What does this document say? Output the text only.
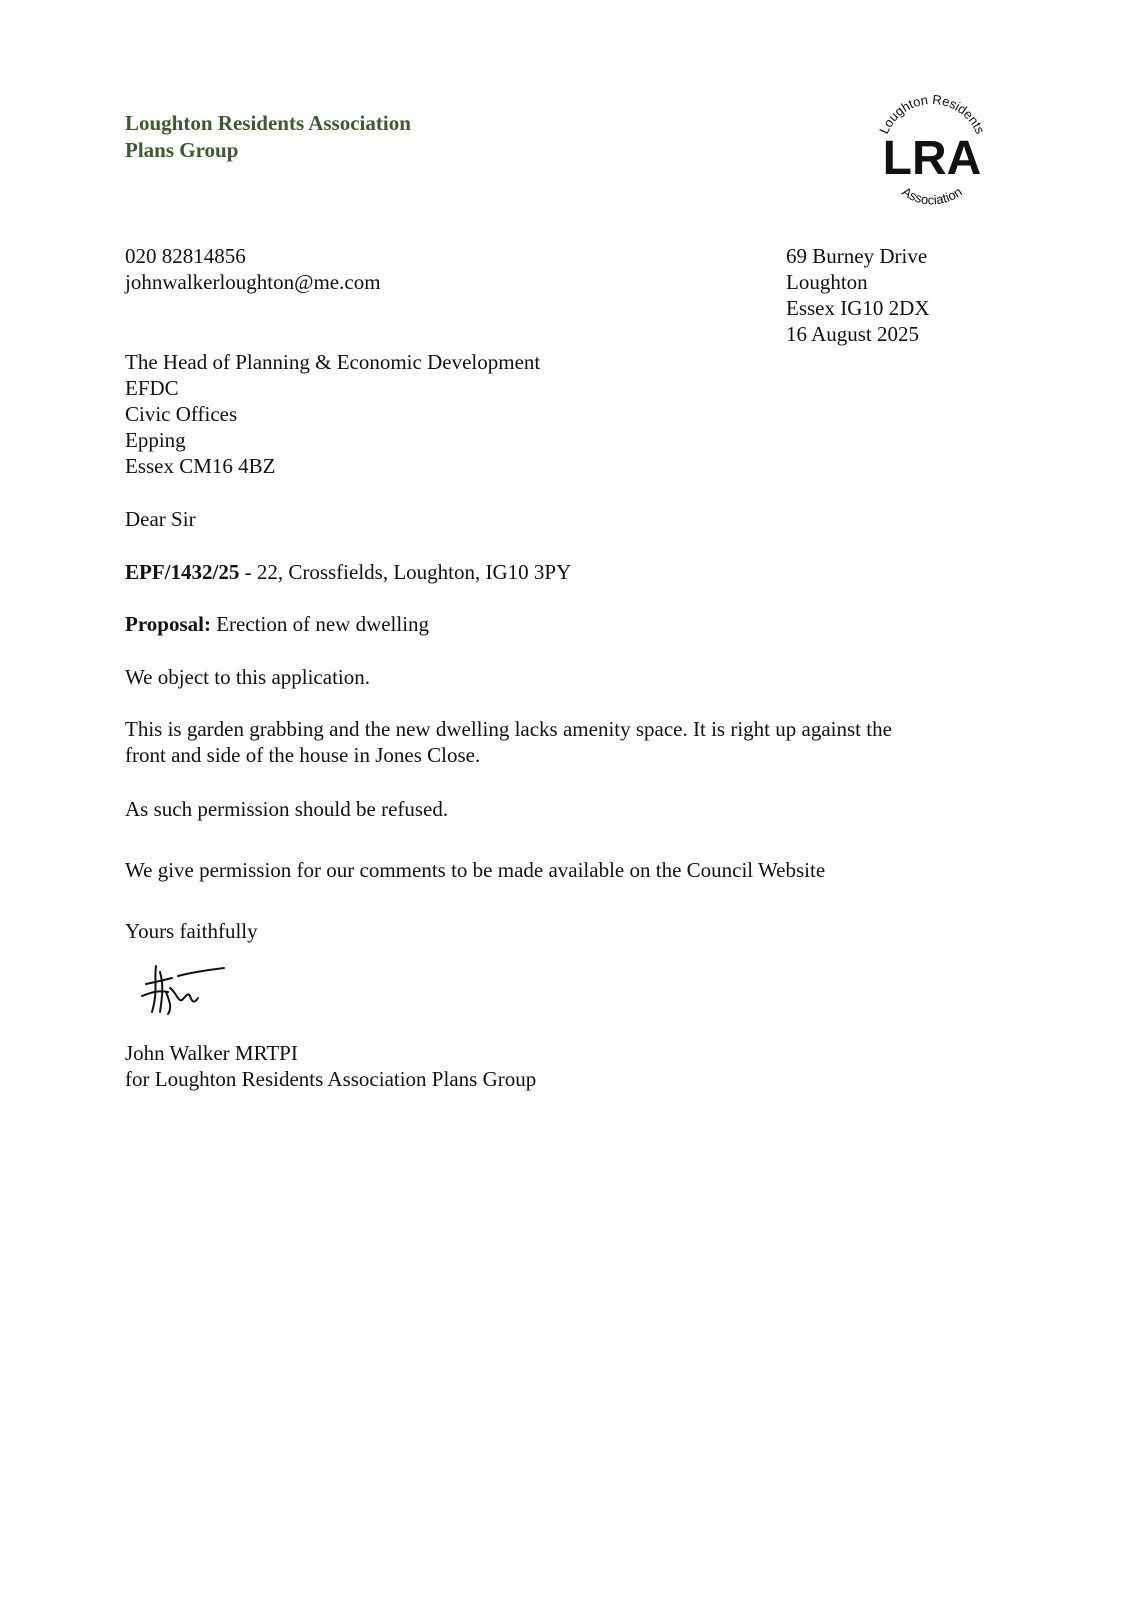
Loughton Residents Association
Plans Group
Loughton Residents
LRA
Association
020 82814856
johnwalkerloughton@me.com
69 Burney Drive
Loughton
Essex IG10 2DX
16 August 2025
The Head of Planning & Economic Development
EFDC
Civic Offices
Epping
Essex CM16 4BZ
Dear Sir
EPF/1432/25 - 22, Crossfields, Loughton, IG10 3PY
Proposal: Erection of new dwelling
We object to this application.
This is garden grabbing and the new dwelling lacks amenity space. It is right up against the
front and side of the house in Jones Close.
As such permission should be refused.
We give permission for our comments to be made available on the Council Website
Yours faithfully
John Walker MRTPI
for Loughton Residents Association Plans Group
